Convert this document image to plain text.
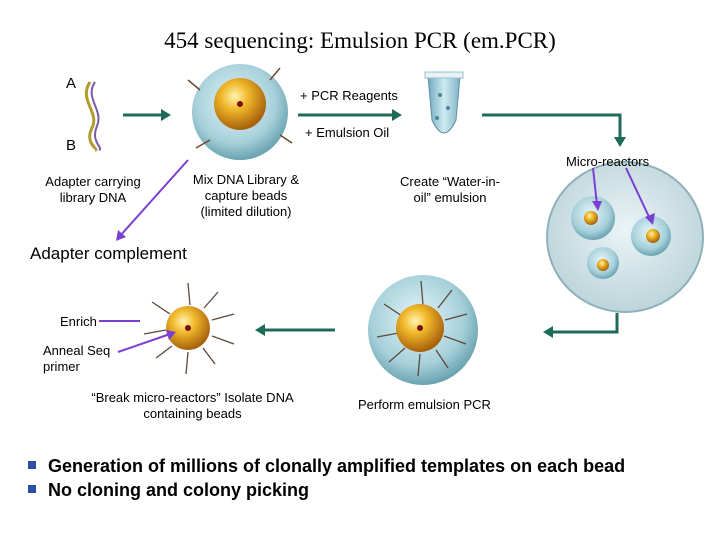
454 sequencing: Emulsion PCR (em.PCR)
A
B
Adapter carrying library DNA
+ PCR Reagents
+ Emulsion Oil
Mix DNA Library & capture beads (limited dilution)
Create “Water-in-oil” emulsion
Micro-reactors
Adapter complement
Enrich
Anneal Seq primer
“Break micro-reactors” Isolate DNA containing beads
Perform emulsion PCR
Generation of millions of clonally amplified templates on each bead
No cloning and colony picking
